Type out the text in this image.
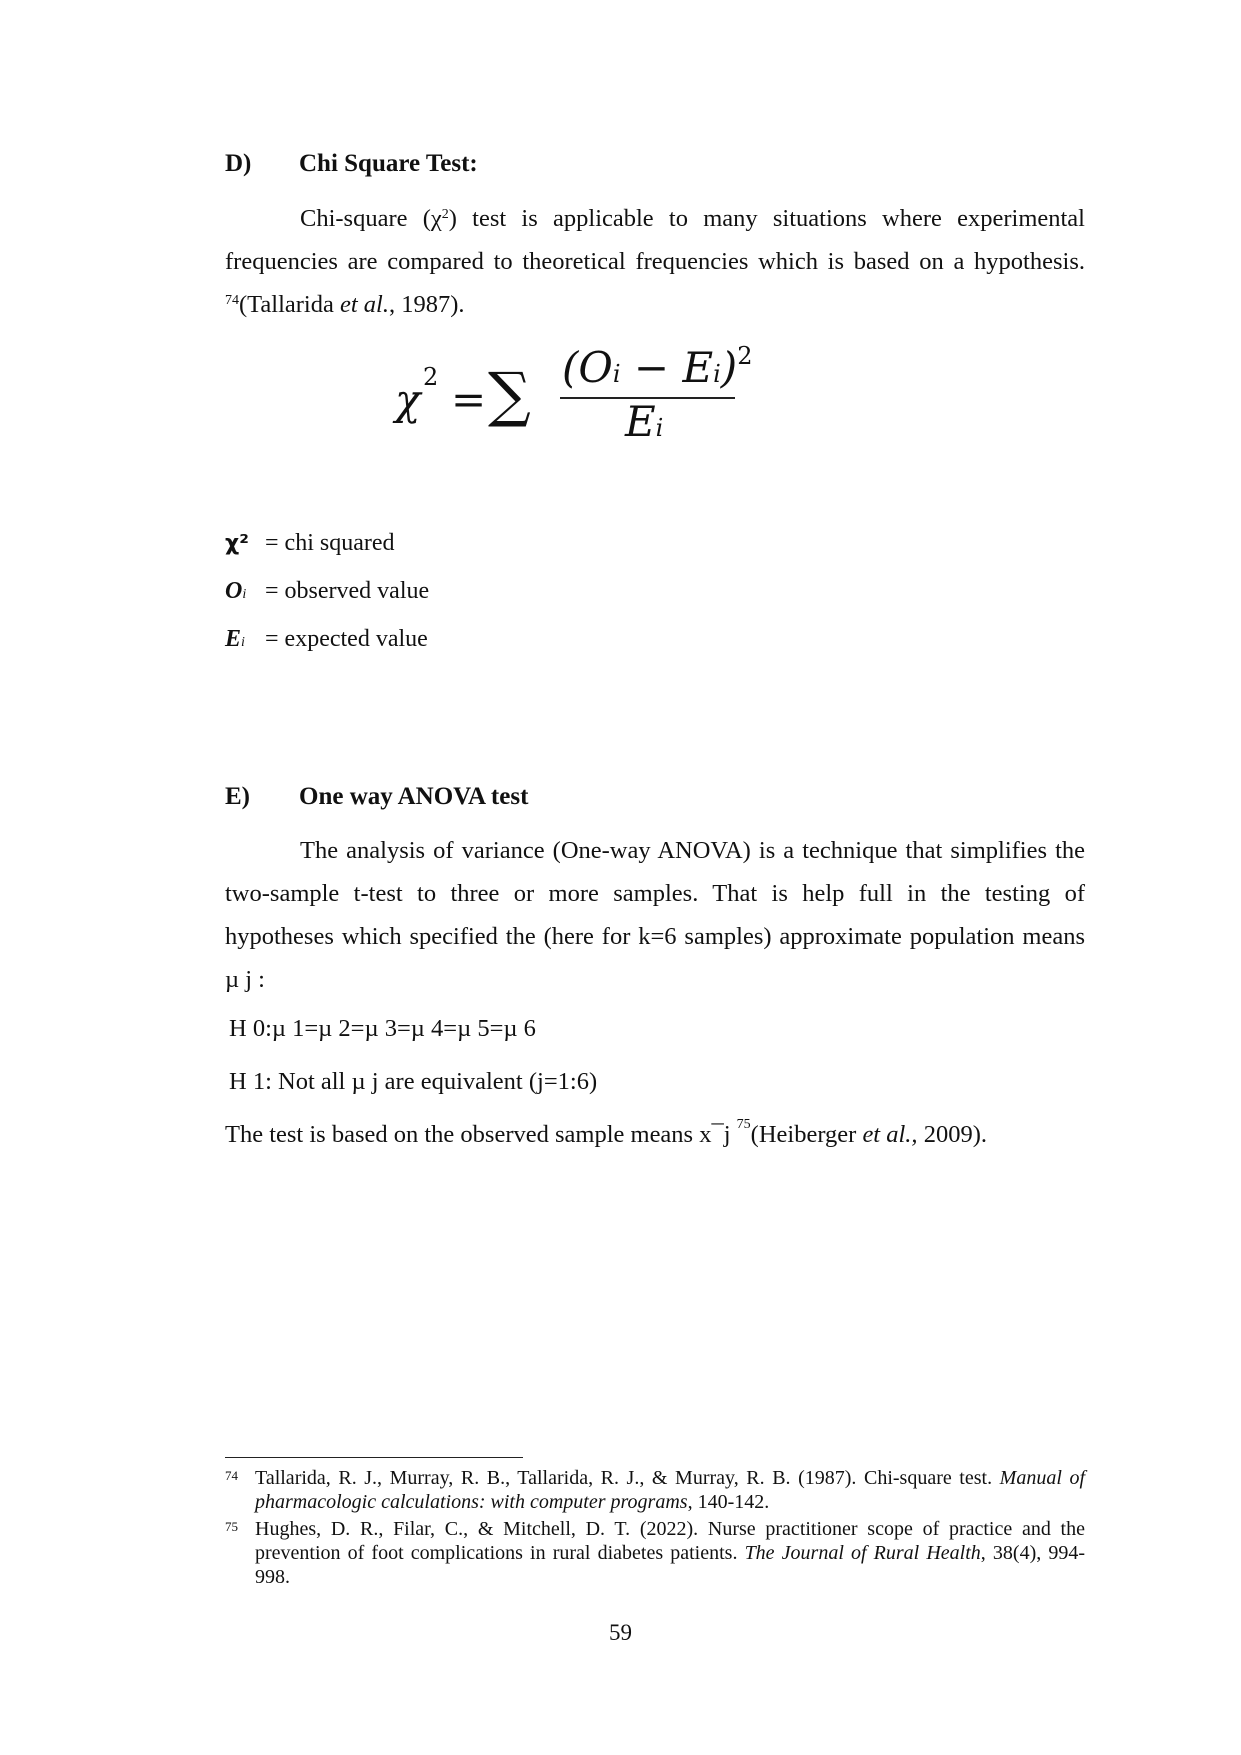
D) Chi Square Test:
Chi-square $(\chi^2)$ test is applicable to many situations where experimental
frequencies are compared to theoretical frequencies which is based on a hypothesis.
$^{74}$(Tallarida et al., 1987).
χ 2 = ∑ $(Oi - Ei)^2$
Ei
χ² = chi squared
Oi = observed value
Ei = expected value
E) One way ANOVA test
The analysis of variance (One-way ANOVA) is a technique that simplifies the
two-sample t-test to three or more samples. That is help full in the testing of
hypotheses which specified the (here for k=6 samples) approximate population means
µ j :
H 0:µ 1=µ 2=µ 3=µ 4=µ 5=µ 6
H 1: Not all µ j are equivalent (j=1:6)
The test is based on the observed sample means x¯j $^{75}$(Heiberger et al., 2009).
74 Tallarida, R. J., Murray, R. B., Tallarida, R. J., & Murray, R. B. (1987). Chi-square test. Manual of pharmacologic calculations: with computer programs, 140-142.
75 Hughes, D. R., Filar, C., & Mitchell, D. T. (2022). Nurse practitioner scope of practice and the prevention of foot complications in rural diabetes patients. The Journal of Rural Health, 38(4), 994-998.
59
